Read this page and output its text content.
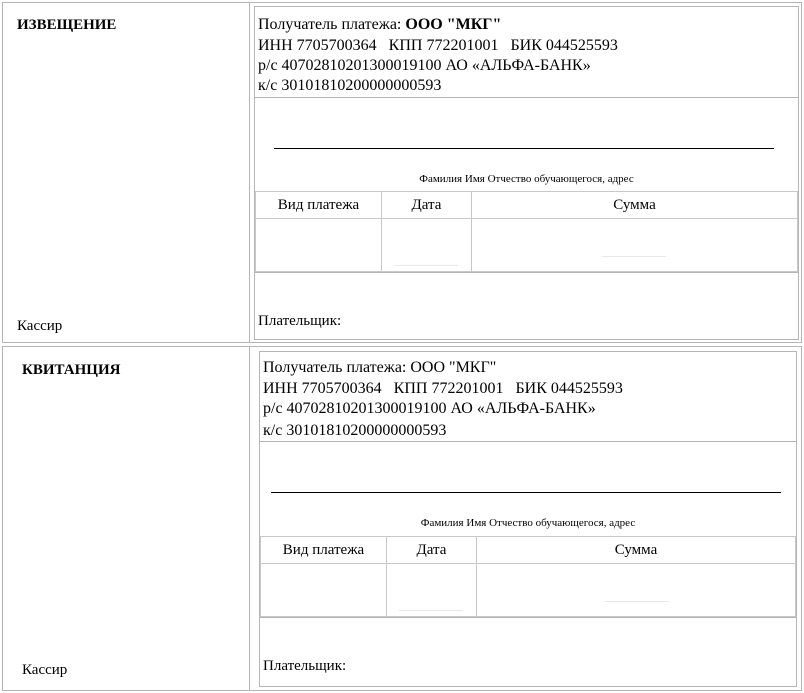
ИЗВЕЩЕНИЕ
Кассир
Получатель платежа: ООО "МКГ"
ИНН 7705700364   КПП 772201001   БИК 044525593
р/с 40702810201300019100 АО «АЛЬФА-БАНК»
к/с 30101810200000000593
Фамилия Имя Отчество обучающегося, адрес
Вид платежа	Дата	Сумма
Плательщик:
КВИТАНЦИЯ
Кассир
Получатель платежа: ООО "МКГ"
ИНН 7705700364   КПП 772201001   БИК 044525593
р/с 40702810201300019100 АО «АЛЬФА-БАНК»
к/с 30101810200000000593
Фамилия Имя Отчество обучающегося, адрес
Вид платежа	Дата	Сумма
Плательщик:
